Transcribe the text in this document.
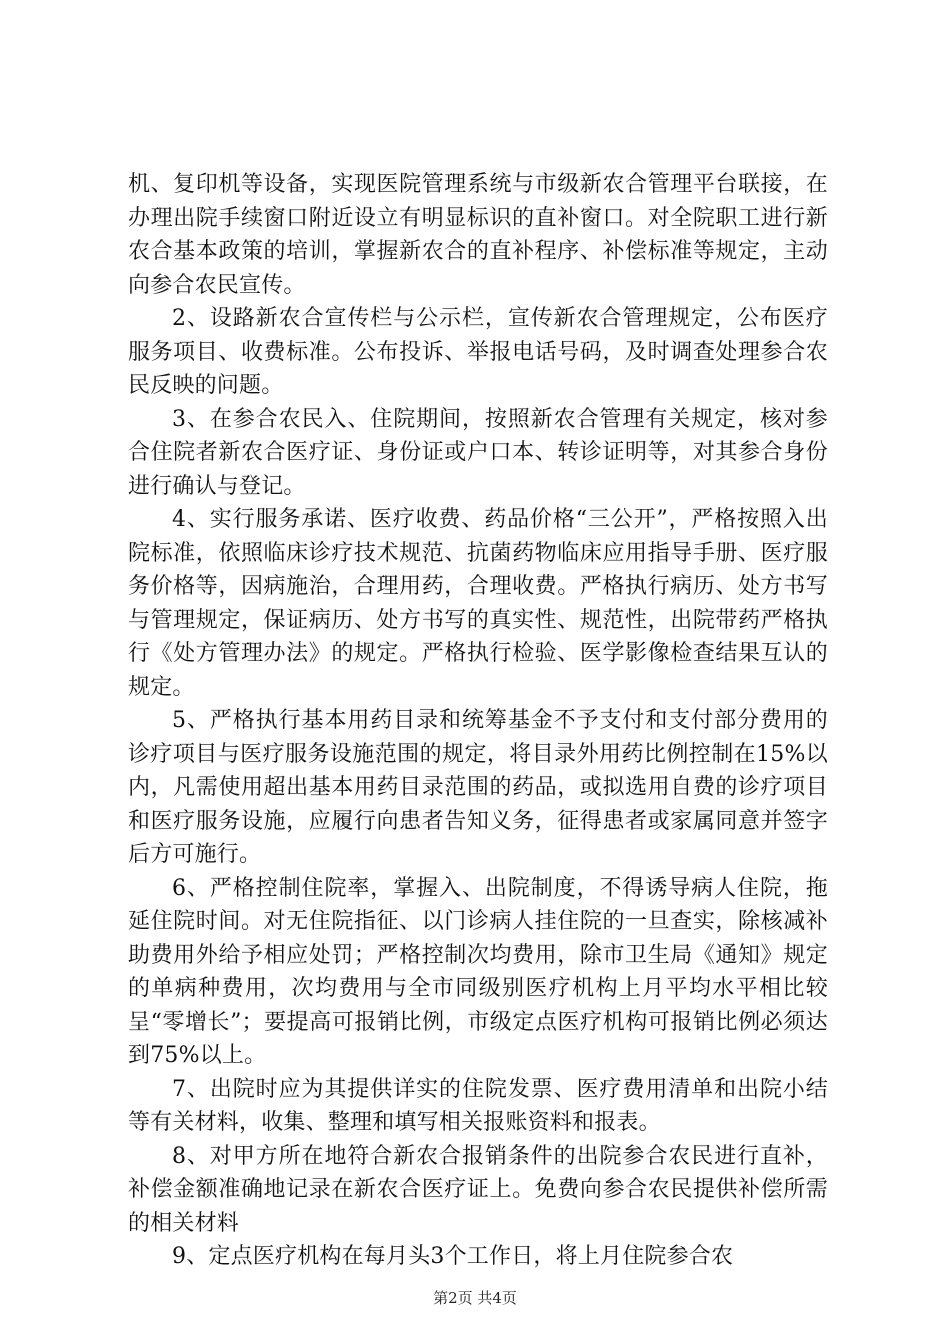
机、复印机等设备，实现医院管理系统与市级新农合管理平台联接，在办理出院手续窗口附近设立有明显标识的直补窗口。对全院职工进行新农合基本政策的培训，掌握新农合的直补程序、补偿标准等规定，主动向参合农民宣传。

2、设路新农合宣传栏与公示栏，宣传新农合管理规定，公布医疗服务项目、收费标准。公布投诉、举报电话号码，及时调查处理参合农民反映的问题。

3、在参合农民入、住院期间，按照新农合管理有关规定，核对参合住院者新农合医疗证、身份证或户口本、转诊证明等，对其参合身份进行确认与登记。

4、实行服务承诺、医疗收费、药品价格“三公开”，严格按照入出院标准，依照临床诊疗技术规范、抗菌药物临床应用指导手册、医疗服务价格等，因病施治，合理用药，合理收费。严格执行病历、处方书写与管理规定，保证病历、处方书写的真实性、规范性，出院带药严格执行《处方管理办法》的规定。严格执行检验、医学影像检查结果互认的规定。

5、严格执行基本用药目录和统筹基金不予支付和支付部分费用的诊疗项目与医疗服务设施范围的规定，将目录外用药比例控制在15%以内，凡需使用超出基本用药目录范围的药品，或拟选用自费的诊疗项目和医疗服务设施，应履行向患者告知义务，征得患者或家属同意并签字后方可施行。

6、严格控制住院率，掌握入、出院制度，不得诱导病人住院，拖延住院时间。对无住院指征、以门诊病人挂住院的一旦查实，除核减补助费用外给予相应处罚；严格控制次均费用，除市卫生局《通知》规定的单病种费用，次均费用与全市同级别医疗机构上月平均水平相比较呈“零增长”；要提高可报销比例，市级定点医疗机构可报销比例必须达到75%以上。

7、出院时应为其提供详实的住院发票、医疗费用清单和出院小结等有关材料，收集、整理和填写相关报账资料和报表。

8、对甲方所在地符合新农合报销条件的出院参合农民进行直补，补偿金额准确地记录在新农合医疗证上。免费向参合农民提供补偿所需的相关材料

9、定点医疗机构在每月头3个工作日，将上月住院参合农

第2页 共4页
